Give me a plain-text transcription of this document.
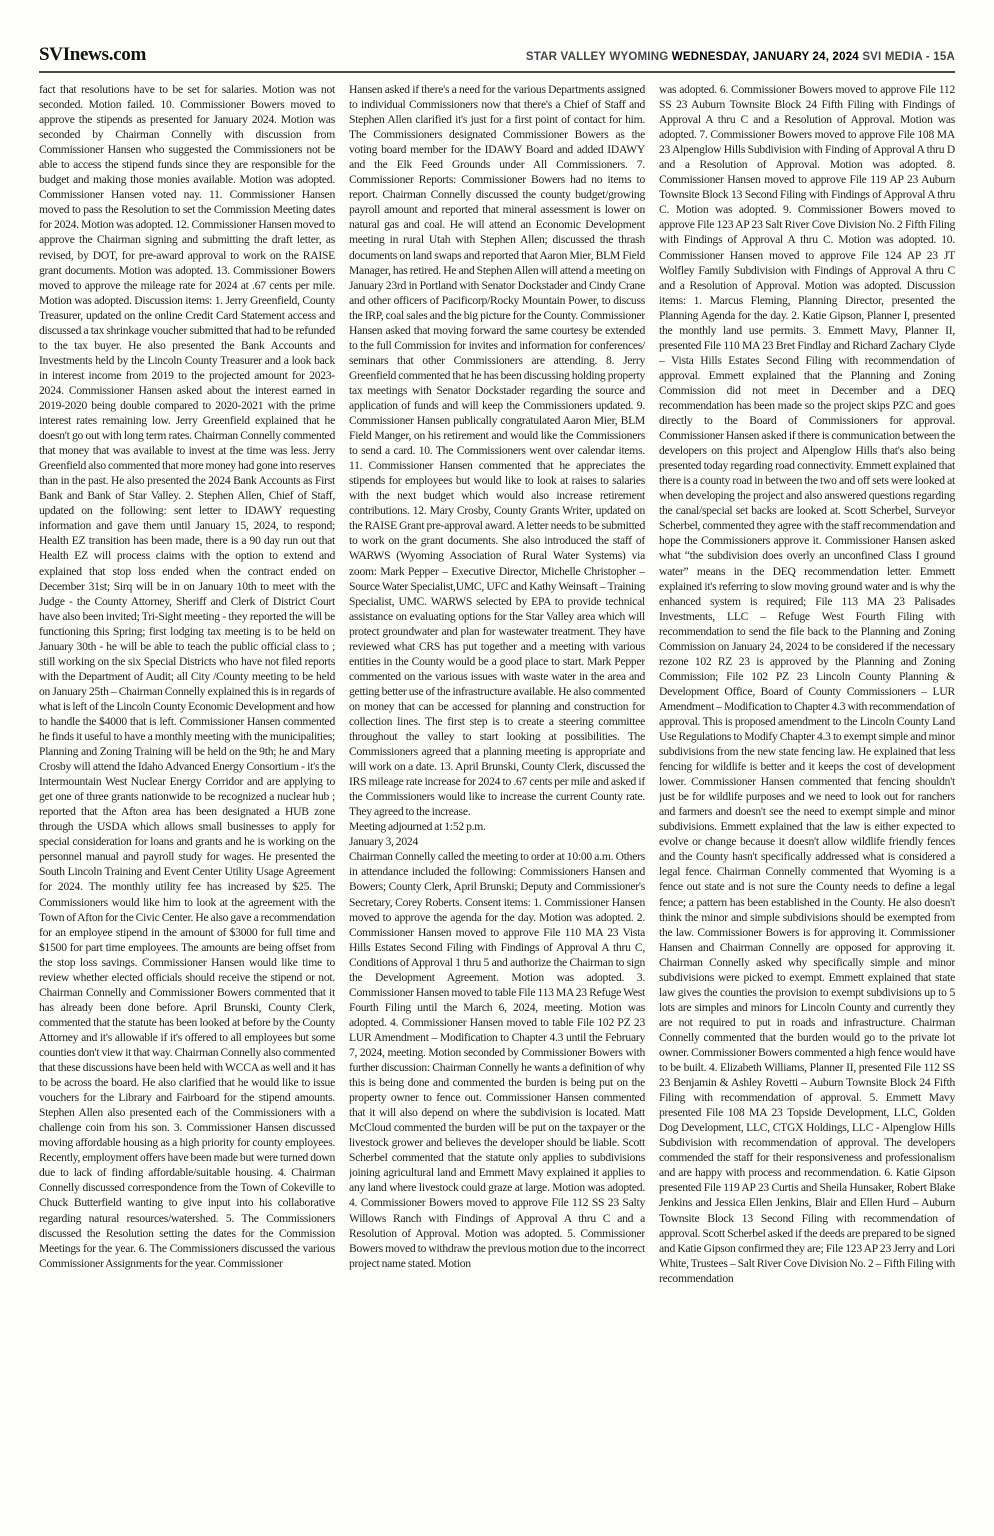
SVInews.com	STAR VALLEY WYOMING WEDNESDAY, JANUARY 24, 2024 SVI MEDIA - 15A

fact that resolutions have to be set for salaries. Motion was not seconded. Motion failed. 10. Commissioner Bowers moved to approve the stipends as presented for January 2024. Motion was seconded by Chairman Connelly with discussion from Commissioner Hansen who suggested the Commissioners not be able to access the stipend funds since they are responsible for the budget and making those monies available. Motion was adopted. Commissioner Hansen voted nay. 11. Commissioner Hansen moved to pass the Resolution to set the Commission Meeting dates for 2024. Motion was adopted. 12. Commissioner Hansen moved to approve the Chairman signing and submitting the draft letter, as revised, by DOT, for pre-award approval to work on the RAISE grant documents. Motion was adopted. 13. Commissioner Bowers moved to approve the mileage rate for 2024 at .67 cents per mile. Motion was adopted. Discussion items: 1. Jerry Greenfield, County Treasurer, updated on the online Credit Card Statement access and discussed a tax shrinkage voucher submitted that had to be refunded to the tax buyer. He also presented the Bank Accounts and Investments held by the Lincoln County Treasurer and a look back in interest income from 2019 to the projected amount for 2023-2024. Commissioner Hansen asked about the interest earned in 2019-2020 being double compared to 2020-2021 with the prime interest rates remaining low. Jerry Greenfield explained that he doesn't go out with long term rates. Chairman Connelly commented that money that was available to invest at the time was less. Jerry Greenfield also commented that more money had gone into reserves than in the past. He also presented the 2024 Bank Accounts as First Bank and Bank of Star Valley. 2. Stephen Allen, Chief of Staff, updated on the following: sent letter to IDAWY requesting information and gave them until January 15, 2024, to respond; Health EZ transition has been made, there is a 90 day run out that Health EZ will process claims with the option to extend and explained that stop loss ended when the contract ended on December 31st; Sirq will be in on January 10th to meet with the Judge - the County Attorney, Sheriff and Clerk of District Court have also been invited; Tri-Sight meeting - they reported the will be functioning this Spring; first lodging tax meeting is to be held on January 30th - he will be able to teach the public official class to ; still working on the six Special Districts who have not filed reports with the Department of Audit; all City /County meeting to be held on January 25th – Chairman Connelly explained this is in regards of what is left of the Lincoln County Economic Development and how to handle the $4000 that is left. Commissioner Hansen commented he finds it useful to have a monthly meeting with the municipalities; Planning and Zoning Training will be held on the 9th; he and Mary Crosby will attend the Idaho Advanced Energy Consortium - it's the Intermountain West Nuclear Energy Corridor and are applying to get one of three grants nationwide to be recognized a nuclear hub ; reported that the Afton area has been designated a HUB zone through the USDA which allows small businesses to apply for special consideration for loans and grants and he is working on the personnel manual and payroll study for wages. He presented the South Lincoln Training and Event Center Utility Usage Agreement for 2024. The monthly utility fee has increased by $25. The Commissioners would like him to look at the agreement with the Town of Afton for the Civic Center. He also gave a recommendation for an employee stipend in the amount of $3000 for full time and $1500 for part time employees. The amounts are being offset from the stop loss savings. Commissioner Hansen would like time to review whether elected officials should receive the stipend or not. Chairman Connelly and Commissioner Bowers commented that it has already been done before. April Brunski, County Clerk, commented that the statute has been looked at before by the County Attorney and it's allowable if it's offered to all employees but some counties don't view it that way. Chairman Connelly also commented that these discussions have been held with WCCA as well and it has to be across the board. He also clarified that he would like to issue vouchers for the Library and Fairboard for the stipend amounts. Stephen Allen also presented each of the Commissioners with a challenge coin from his son. 3. Commissioner Hansen discussed moving affordable housing as a high priority for county employees. Recently, employment offers have been made but were turned down due to lack of finding affordable/suitable housing. 4. Chairman Connelly discussed correspondence from the Town of Cokeville to Chuck Butterfield wanting to give input into his collaborative regarding natural resources/watershed. 5. The Commissioners discussed the Resolution setting the dates for the Commission Meetings for the year. 6. The Commissioners discussed the various Commissioner Assignments for the year. Commissioner

Hansen asked if there's a need for the various Departments assigned to individual Commissioners now that there's a Chief of Staff and Stephen Allen clarified it's just for a first point of contact for him. The Commissioners designated Commissioner Bowers as the voting board member for the IDAWY Board and added IDAWY and the Elk Feed Grounds under All Commissioners. 7. Commissioner Reports: Commissioner Bowers had no items to report. Chairman Connelly discussed the county budget/growing payroll amount and reported that mineral assessment is lower on natural gas and coal. He will attend an Economic Development meeting in rural Utah with Stephen Allen; discussed the thrash documents on land swaps and reported that Aaron Mier, BLM Field Manager, has retired. He and Stephen Allen will attend a meeting on January 23rd in Portland with Senator Dockstader and Cindy Crane and other officers of Pacificorp/Rocky Mountain Power, to discuss the IRP, coal sales and the big picture for the County. Commissioner Hansen asked that moving forward the same courtesy be extended to the full Commission for invites and information for conferences/ seminars that other Commissioners are attending. 8. Jerry Greenfield commented that he has been discussing holding property tax meetings with Senator Dockstader regarding the source and application of funds and will keep the Commissioners updated. 9. Commissioner Hansen publically congratulated Aaron Mier, BLM Field Manger, on his retirement and would like the Commissioners to send a card. 10. The Commissioners went over calendar items. 11. Commissioner Hansen commented that he appreciates the stipends for employees but would like to look at raises to salaries with the next budget which would also increase retirement contributions. 12. Mary Crosby, County Grants Writer, updated on the RAISE Grant pre-approval award. A letter needs to be submitted to work on the grant documents. She also introduced the staff of WARWS (Wyoming Association of Rural Water Systems) via zoom: Mark Pepper – Executive Director, Michelle Christopher – Source Water Specialist,UMC, UFC and Kathy Weinsaft – Training Specialist, UMC. WARWS selected by EPA to provide technical assistance on evaluating options for the Star Valley area which will protect groundwater and plan for wastewater treatment. They have reviewed what CRS has put together and a meeting with various entities in the County would be a good place to start. Mark Pepper commented on the various issues with waste water in the area and getting better use of the infrastructure available. He also commented on money that can be accessed for planning and construction for collection lines. The first step is to create a steering committee throughout the valley to start looking at possibilities. The Commissioners agreed that a planning meeting is appropriate and will work on a date. 13. April Brunski, County Clerk, discussed the IRS mileage rate increase for 2024 to .67 cents per mile and asked if the Commissioners would like to increase the current County rate. They agreed to the increase.

Meeting adjourned at 1:52 p.m.

January 3, 2024

Chairman Connelly called the meeting to order at 10:00 a.m. Others in attendance included the following: Commissioners Hansen and Bowers; County Clerk, April Brunski; Deputy and Commissioner's Secretary, Corey Roberts. Consent items: 1. Commissioner Hansen moved to approve the agenda for the day. Motion was adopted. 2. Commissioner Hansen moved to approve File 110 MA 23 Vista Hills Estates Second Filing with Findings of Approval A thru C, Conditions of Approval 1 thru 5 and authorize the Chairman to sign the Development Agreement. Motion was adopted. 3. Commissioner Hansen moved to table File 113 MA 23 Refuge West Fourth Filing until the March 6, 2024, meeting. Motion was adopted. 4. Commissioner Hansen moved to table File 102 PZ 23 LUR Amendment – Modification to Chapter 4.3 until the February 7, 2024, meeting. Motion seconded by Commissioner Bowers with further discussion: Chairman Connelly he wants a definition of why this is being done and commented the burden is being put on the property owner to fence out. Commissioner Hansen commented that it will also depend on where the subdivision is located. Matt McCloud commented the burden will be put on the taxpayer or the livestock grower and believes the developer should be liable. Scott Scherbel commented that the statute only applies to subdivisions joining agricultural land and Emmett Mavy explained it applies to any land where livestock could graze at large. Motion was adopted. 4. Commissioner Bowers moved to approve File 112 SS 23 Salty Willows Ranch with Findings of Approval A thru C and a Resolution of Approval. Motion was adopted. 5. Commissioner Bowers moved to withdraw the previous motion due to the incorrect project name stated. Motion

was adopted. 6. Commissioner Bowers moved to approve File 112 SS 23 Auburn Townsite Block 24 Fifth Filing with Findings of Approval A thru C and a Resolution of Approval. Motion was adopted. 7. Commissioner Bowers moved to approve File 108 MA 23 Alpenglow Hills Subdivision with Finding of Approval A thru D and a Resolution of Approval. Motion was adopted. 8. Commissioner Hansen moved to approve File 119 AP 23 Auburn Townsite Block 13 Second Filing with Findings of Approval A thru C. Motion was adopted. 9. Commissioner Bowers moved to approve File 123 AP 23 Salt River Cove Division No. 2 Fifth Filing with Findings of Approval A thru C. Motion was adopted. 10. Commissioner Hansen moved to approve File 124 AP 23 JT Wolfley Family Subdivision with Findings of Approval A thru C and a Resolution of Approval. Motion was adopted. Discussion items: 1. Marcus Fleming, Planning Director, presented the Planning Agenda for the day. 2. Katie Gipson, Planner I, presented the monthly land use permits. 3. Emmett Mavy, Planner II, presented File 110 MA 23 Bret Findlay and Richard Zachary Clyde – Vista Hills Estates Second Filing with recommendation of approval. Emmett explained that the Planning and Zoning Commission did not meet in December and a DEQ recommendation has been made so the project skips PZC and goes directly to the Board of Commissioners for approval. Commissioner Hansen asked if there is communication between the developers on this project and Alpenglow Hills that's also being presented today regarding road connectivity. Emmett explained that there is a county road in between the two and off sets were looked at when developing the project and also answered questions regarding the canal/special set backs are looked at. Scott Scherbel, Surveyor Scherbel, commented they agree with the staff recommendation and hope the Commissioners approve it. Commissioner Hansen asked what “the subdivision does overly an unconfined Class I ground water” means in the DEQ recommendation letter. Emmett explained it's referring to slow moving ground water and is why the enhanced system is required; File 113 MA 23 Palisades Investments, LLC – Refuge West Fourth Filing with recommendation to send the file back to the Planning and Zoning Commission on January 24, 2024 to be considered if the necessary rezone 102 RZ 23 is approved by the Planning and Zoning Commission; File 102 PZ 23 Lincoln County Planning & Development Office, Board of County Commissioners – LUR Amendment – Modification to Chapter 4.3 with recommendation of approval. This is proposed amendment to the Lincoln County Land Use Regulations to Modify Chapter 4.3 to exempt simple and minor subdivisions from the new state fencing law. He explained that less fencing for wildlife is better and it keeps the cost of development lower. Commissioner Hansen commented that fencing shouldn't just be for wildlife purposes and we need to look out for ranchers and farmers and doesn't see the need to exempt simple and minor subdivisions. Emmett explained that the law is either expected to evolve or change because it doesn't allow wildlife friendly fences and the County hasn't specifically addressed what is considered a legal fence. Chairman Connelly commented that Wyoming is a fence out state and is not sure the County needs to define a legal fence; a pattern has been established in the County. He also doesn't think the minor and simple subdivisions should be exempted from the law. Commissioner Bowers is for approving it. Commissioner Hansen and Chairman Connelly are opposed for approving it. Chairman Connelly asked why specifically simple and minor subdivisions were picked to exempt. Emmett explained that state law gives the counties the provision to exempt subdivisions up to 5 lots are simples and minors for Lincoln County and currently they are not required to put in roads and infrastructure. Chairman Connelly commented that the burden would go to the private lot owner. Commissioner Bowers commented a high fence would have to be built. 4. Elizabeth Williams, Planner II, presented File 112 SS 23 Benjamin & Ashley Rovetti – Auburn Townsite Block 24 Fifth Filing with recommendation of approval. 5. Emmett Mavy presented File 108 MA 23 Topside Development, LLC, Golden Dog Development, LLC, CTGX Holdings, LLC - Alpenglow Hills Subdivision with recommendation of approval. The developers commended the staff for their responsiveness and professionalism and are happy with process and recommendation. 6. Katie Gipson presented File 119 AP 23 Curtis and Sheila Hunsaker, Robert Blake Jenkins and Jessica Ellen Jenkins, Blair and Ellen Hurd – Auburn Townsite Block 13 Second Filing with recommendation of approval. Scott Scherbel asked if the deeds are prepared to be signed and Katie Gipson confirmed they are; File 123 AP 23 Jerry and Lori White, Trustees – Salt River Cove Division No. 2 – Fifth Filing with recommendation
